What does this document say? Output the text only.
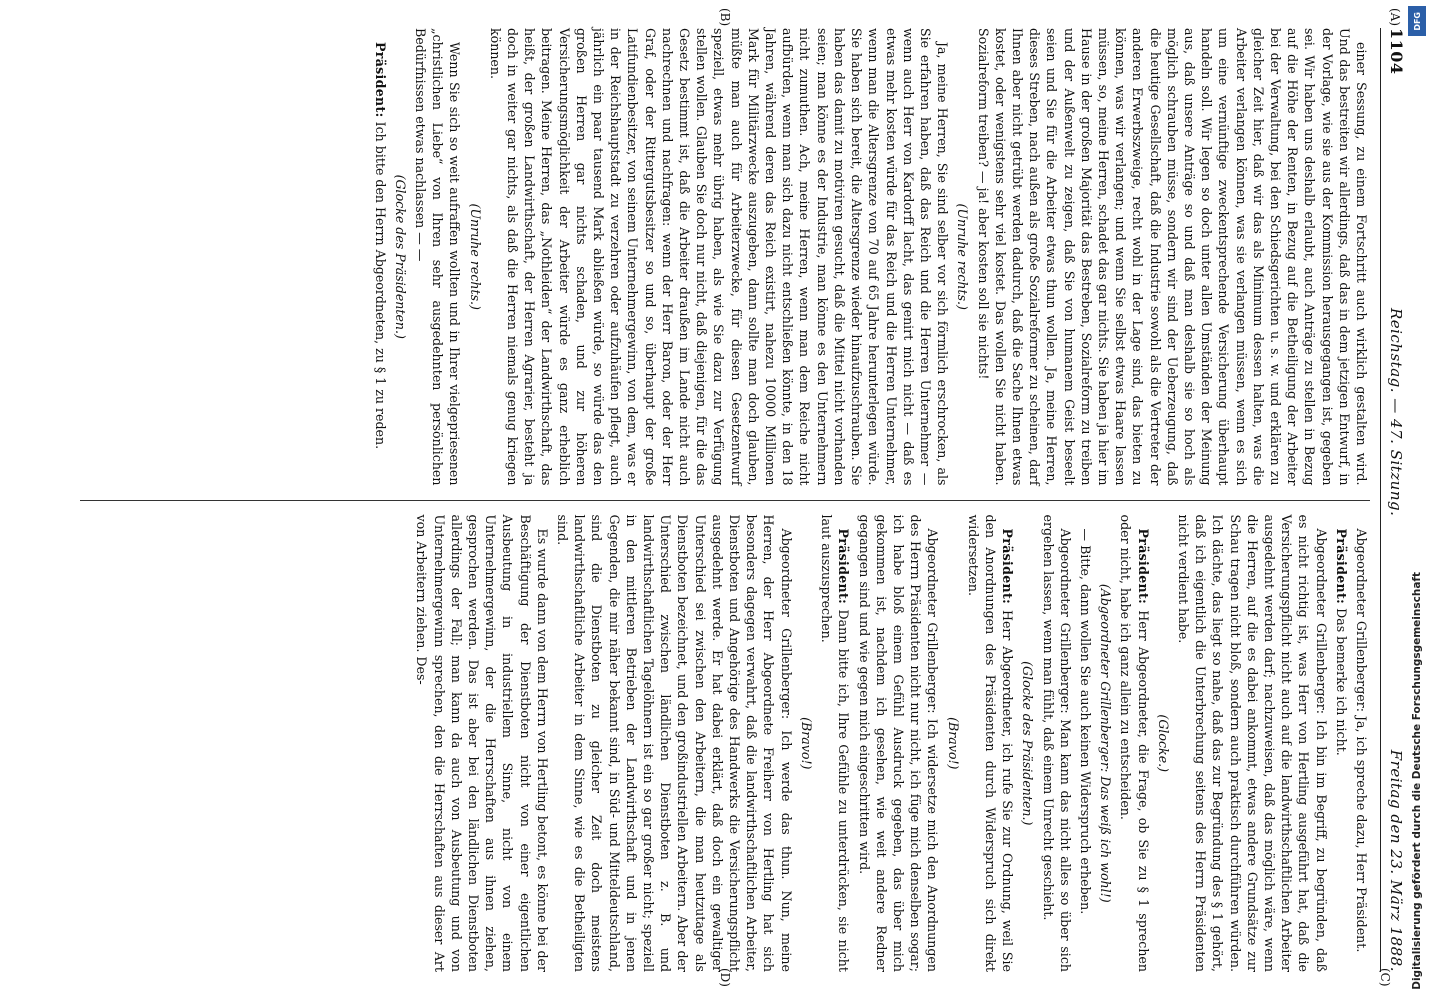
1104
Reichstag. — 47. Sitzung.
Freitag den 23. März 1888.

einer Sessung, zu einem Fortschritt auch wirklich gestalten wird. Und das bestreiten wir allerdings, daß das in dem jetzigen Entwurf, in der Vorlage, wie sie aus der Kommission herausgegangen ist, gegeben sei. Wir haben uns deshalb erlaubt, auch Anträge zu stellen in Bezug auf die Höhe der Renten, in Bezug auf die Betheiligung der Arbeiter bei der Verwaltung, bei den Schiedsgerichten u. s. w. und erklären zu gleicher Zeit hier, daß wir das als Minimum dessen halten, was die Arbeiter verlangen können, was sie verlangen müssen, wenn es sich um eine vernünftige zweckentsprechende Versicherung überhaupt handeln soll. Wir legen so doch unter allen Umständen der Meinung aus, daß unsere Anträge so und daß man deshalb sie so hoch als möglich schrauben müsse, sondern wir sind der Ueberzeugung, daß die heutige Gesellschaft, daß die Industrie sowohl als die Vertreter der anderen Erwerbszweige, recht wohl in der Lage sind, das bieten zu können, was wir verlangen; und wenn Sie selbst etwas Haare lassen müssen, so, meine Herren, schadet das gar nichts. Sie haben ja hier im Hause in der großen Majorität das Bestreben, Sozialreform zu treiben und der Außenwelt zu zeigen, daß Sie von humanem Geist beseelt seien und Sie für die Arbeiter etwas thun wollen. Ja, meine Herren, dieses Streben, nach außen als große Sozialreformer zu scheinen, darf Ihnen aber nicht getrübt werden dadurch, daß die Sache Ihnen etwas kostet, oder wenigstens sehr viel kostet. Das wollen Sie nicht haben. Sozialreform treiben? — ja! aber kosten soll sie nichts!

(Unruhe rechts.)

Ja, meine Herren, Sie sind selber vor sich förmlich erschrocken, als Sie erfahren haben, daß das Reich und die Herren Unternehmer — wenn auch Herr von Kardorff lacht, das genirt mich nicht — daß es etwas mehr kosten würde für das Reich und die Herren Unternehmer, wenn man die Altersgrenze von 70 auf 65 Jahre herunterlegen würde. Sie haben sich bereit, die Altersgrenze wieder hinaufzuschrauben. Sie haben das damit zu motiviren gesucht, daß die Mittel nicht vorhanden seien; man könne es der Industrie, man könne es den Unternehmern nicht zumuthen. Ach, meine Herren, wenn man dem Reiche nicht aufbürden, wenn man sich dazu nicht entschließen könnte, in den 18 Jahren, während deren das Reich existirt, nahezu 10000 Millionen Mark für Militärzwecke auszugeben, dann sollte man doch glauben, müßte man auch für Arbeiterzwecke, für diesen Gesetzentwurf speziell, etwas mehr übrig haben, als wie Sie dazu zur Verfügung stellen wollen. Glauben Sie doch nur nicht, daß diejenigen, für die das Gesetz bestimmt ist, daß die Arbeiter draußen im Lande nicht auch nachrechnen und nachfragen: wenn der Herr Baron, oder der Herr Graf, oder der Rittergutsbesitzer so und so, überhaupt der große Latifundienbesitzer, von seinem Unternehmergewinn, von dem, was er in der Reichshauptstadt zu verzehren oder aufzuhäufen pflegt, auch jährlich ein paar tausend Mark abließen würde, so würde das den großen Herren gar nichts schaden, und zur höheren Versicherungsmöglichkeit der Arbeiter würde es ganz erheblich beitragen. Meine Herren, das „Nothleiden“ der Landwirthschaft, das heißt, der großen Landwirthschaft, der Herren Agrarier, besteht ja doch in weiter gar nichts, als daß die Herren niemals genug kriegen können.

(Unruhe rechts.)

Wenn Sie sich so weit aufraffen wollten und in Ihrer vielgepriesenen „christlichen Liebe“ von Ihren sehr ausgedehnten persönlichen Bedürfnissen etwas nachlassen — —

(Glocke des Präsidenten.)

Präsident: Ich bitte den Herrn Abgeordneten, zu § 1 zu reden.

Abgeordneter Grillenberger: Ja, ich spreche dazu, Herr Präsident.

Präsident: Das bemerke ich nicht.

Abgeordneter Grillenberger: Ich bin im Begriff, zu begründen, daß es nicht richtig ist, was Herr von Hertling ausgeführt hat, daß die Versicherungspflicht nicht auch auf die landwirthschaftlichen Arbeiter ausgedehnt werden darf; nachzuweisen, daß das möglich wäre, wenn die Herren, auf die es dabei ankommt, etwas andere Grundsätze zur Schau tragen nicht bloß, sondern auch praktisch durchführen würden. Ich dächte, das liegt so nahe, daß das zur Begründung des § 1 gehört, daß ich eigentlich die Unterbrechung seitens des Herrn Präsidenten nicht verdient habe.

(Glocke.)

Präsident: Herr Abgeordneter, die Frage, ob Sie zu § 1 sprechen oder nicht, habe ich ganz allein zu entscheiden.

(Abgeordneter Grillenberger: Das weiß ich wohl!)

— Bitte, dann wollen Sie auch keinen Widerspruch erheben.

Abgeordneter Grillenberger: Man kann das nicht alles so über sich ergehen lassen, wenn man fühlt, daß einem Unrecht geschieht.

(Glocke des Präsidenten.)

Präsident: Herr Abgeordneter, ich rufe Sie zur Ordnung, weil Sie den Anordnungen des Präsidenten durch Widerspruch sich direkt widersetzen.

(Bravo!)

Abgeordneter Grillenberger: Ich widersetze mich den Anordnungen des Herrn Präsidenten nicht nur nicht, ich füge mich denselben sogar; ich habe bloß einem Gefühl Ausdruck gegeben, das über mich gekommen ist, nachdem ich gesehen, wie weit andere Redner gegangen sind und wie gegen mich eingeschritten wird.

Präsident: Dann bitte ich, Ihre Gefühle zu unterdrücken, sie nicht laut auszusprechen.

(Bravo!)

Abgeordneter Grillenberger: Ich werde das thun. Nun, meine Herren, der Herr Abgeordnete Freiherr von Hertling hat sich besonders dagegen verwahrt, daß die landwirthschaftlichen Arbeiter, Dienstboten und Angehörige des Handwerks die Versicherungspflicht ausgedehnt werde. Er hat dabei erklärt, daß doch ein gewaltiger Unterschied sei zwischen den Arbeitern, die man heutzutage als Dienstboten bezeichnet, und den großindustriellen Arbeitern. Aber der Unterschied zwischen ländlichen Dienstboten z. B. und landwirthschaftlichen Tagelöhnern ist ein so gar großer nicht; speziell in den mittleren Betrieben der Landwirthschaft und in jenen Gegenden, die mir näher bekannt sind, in Süd- und Mitteldeutschland, sind die Dienstboten zu gleicher Zeit doch meistens landwirthschaftliche Arbeiter in dem Sinne, wie es die Betheiligten sind.

Es wurde dann von dem Herrn von Hertling betont, es könne bei der Beschäftigung der Dienstboten nicht von einer eigentlichen Ausbeutung in industriellem Sinne, nicht von einem Unternehmergewinn, der die Herrschaften aus ihnen ziehen, gesprochen werden. Das ist aber bei den ländlichen Dienstboten allerdings der Fall; man kann da auch von Ausbeutung und von Unternehmergewinn sprechen, den die Herrschaften aus dieser Art von Arbeitern ziehen. Des-

(A)
(B)
(C)
(D)
DFG
Digitalisierung gefördert durch die Deutsche Forschungsgemeinschaft
